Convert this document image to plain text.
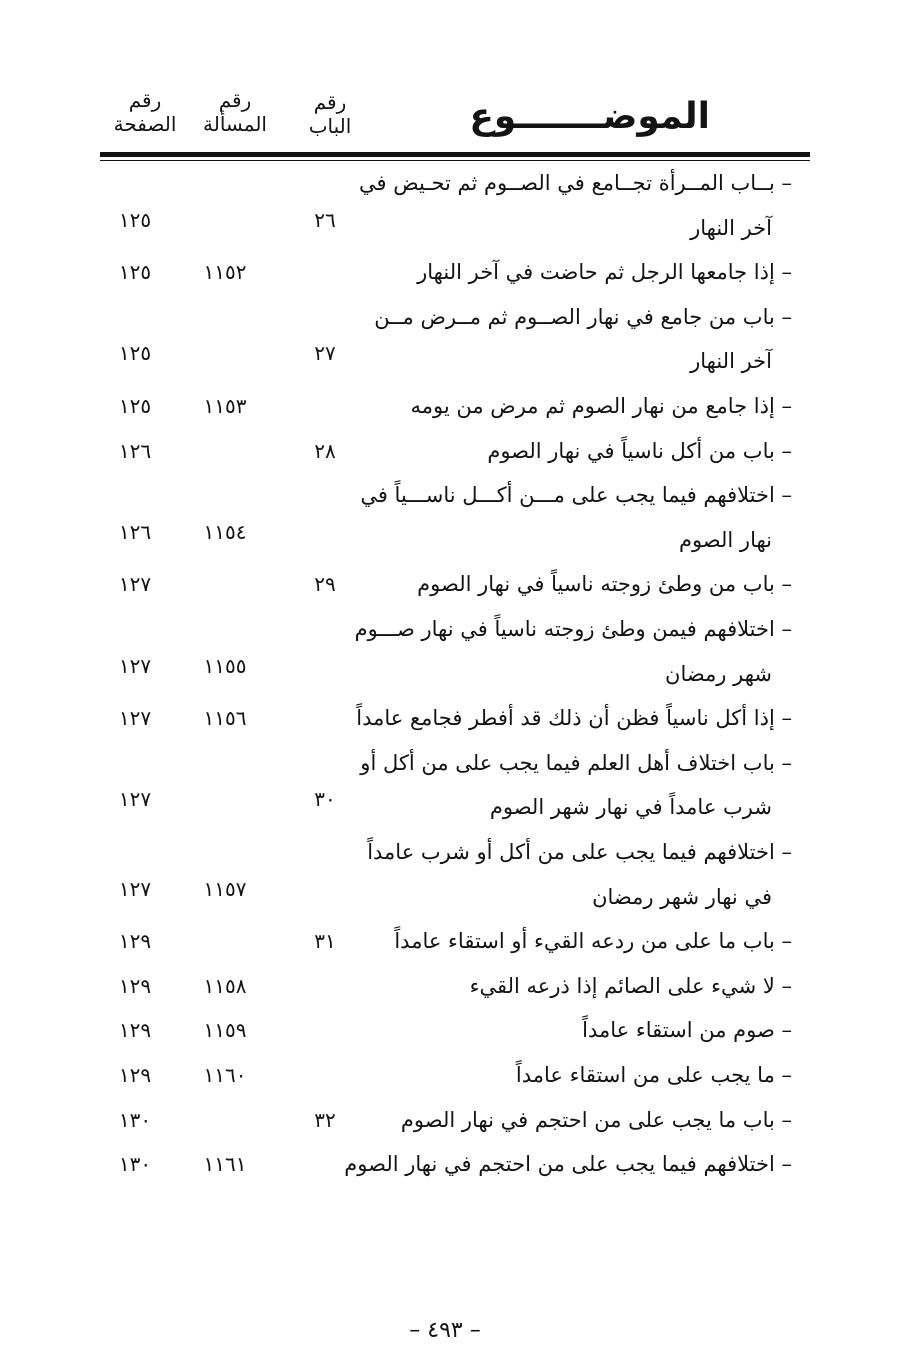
رقم
الباب
رقم
المسألة
رقم
الصفحة	الموضـــــــوع
– بــاب المــرأة تجــامع في الصــوم ثم تحـيض في
آخر النهار
٢٦
١٢٥
– إذا جامعها الرجل ثم حاضت في آخر النهار
١١٥٢
١٢٥
– باب من جامع في نهار الصــوم ثم مــرض مــن
آخر النهار
٢٧
١٢٥
– إذا جامع من نهار الصوم ثم مرض من يومه
١١٥٣
١٢٥
– باب من أكل ناسياً في نهار الصوم
٢٨
١٢٦
– اختلافهم فيما يجب على مـــن أكـــل ناســـياً في
نهار الصوم
١١٥٤
١٢٦
– باب من وطئ زوجته ناسياً في نهار الصوم
٢٩
١٢٧
– اختلافهم فيمن وطئ زوجته ناسياً في نهار صـــوم
شهر رمضان
١١٥٥
١٢٧
– إذا أكل ناسياً فظن أن ذلك قد أفطر فجامع عامداً
١١٥٦
١٢٧
– باب اختلاف أهل العلم فيما يجب على من أكل أو
شرب عامداً في نهار شهر الصوم
٣٠
١٢٧
– اختلافهم فيما يجب على من أكل أو شرب عامداً
في نهار شهر رمضان
١١٥٧
١٢٧
– باب ما على من ردعه القيء أو استقاء عامداً
٣١
١٢٩
– لا شيء على الصائم إذا ذرعه القيء
١١٥٨
١٢٩
– صوم من استقاء عامداً
١١٥٩
١٢٩
– ما يجب على من استقاء عامداً
١١٦٠
١٢٩
– باب ما يجب على من احتجم في نهار الصوم
٣٢
١٣٠
– اختلافهم فيما يجب على من احتجم في نهار الصوم
١١٦١
١٣٠
– ٤٩٣ –
